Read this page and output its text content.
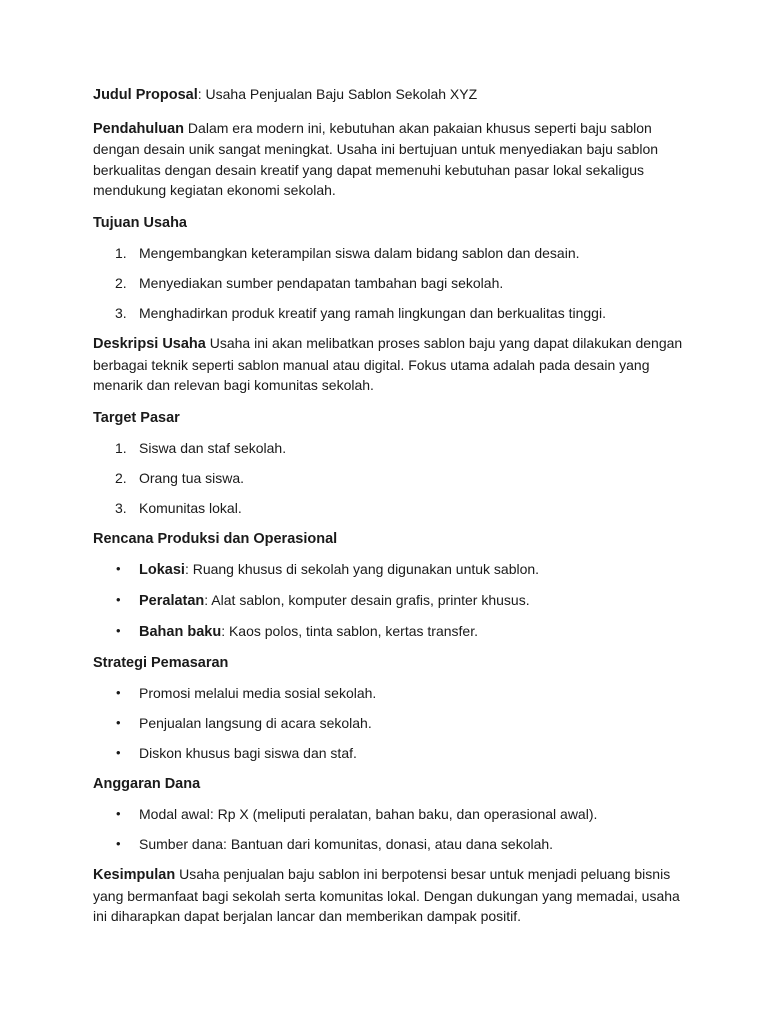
Judul Proposal: Usaha Penjualan Baju Sablon Sekolah XYZ

Pendahuluan Dalam era modern ini, kebutuhan akan pakaian khusus seperti baju sablon dengan desain unik sangat meningkat. Usaha ini bertujuan untuk menyediakan baju sablon berkualitas dengan desain kreatif yang dapat memenuhi kebutuhan pasar lokal sekaligus mendukung kegiatan ekonomi sekolah.

Tujuan Usaha
1. Mengembangkan keterampilan siswa dalam bidang sablon dan desain.
2. Menyediakan sumber pendapatan tambahan bagi sekolah.
3. Menghadirkan produk kreatif yang ramah lingkungan dan berkualitas tinggi.

Deskripsi Usaha Usaha ini akan melibatkan proses sablon baju yang dapat dilakukan dengan berbagai teknik seperti sablon manual atau digital. Fokus utama adalah pada desain yang menarik dan relevan bagi komunitas sekolah.

Target Pasar
1. Siswa dan staf sekolah.
2. Orang tua siswa.
3. Komunitas lokal.
Rencana Produksi dan Operasional
• Lokasi: Ruang khusus di sekolah yang digunakan untuk sablon.
• Peralatan: Alat sablon, komputer desain grafis, printer khusus.
• Bahan baku: Kaos polos, tinta sablon, kertas transfer.
Strategi Pemasaran
• Promosi melalui media sosial sekolah.
• Penjualan langsung di acara sekolah.
• Diskon khusus bagi siswa dan staf.
Anggaran Dana
• Modal awal: Rp X (meliputi peralatan, bahan baku, dan operasional awal).
• Sumber dana: Bantuan dari komunitas, donasi, atau dana sekolah.

Kesimpulan Usaha penjualan baju sablon ini berpotensi besar untuk menjadi peluang bisnis yang bermanfaat bagi sekolah serta komunitas lokal. Dengan dukungan yang memadai, usaha ini diharapkan dapat berjalan lancar dan memberikan dampak positif.
